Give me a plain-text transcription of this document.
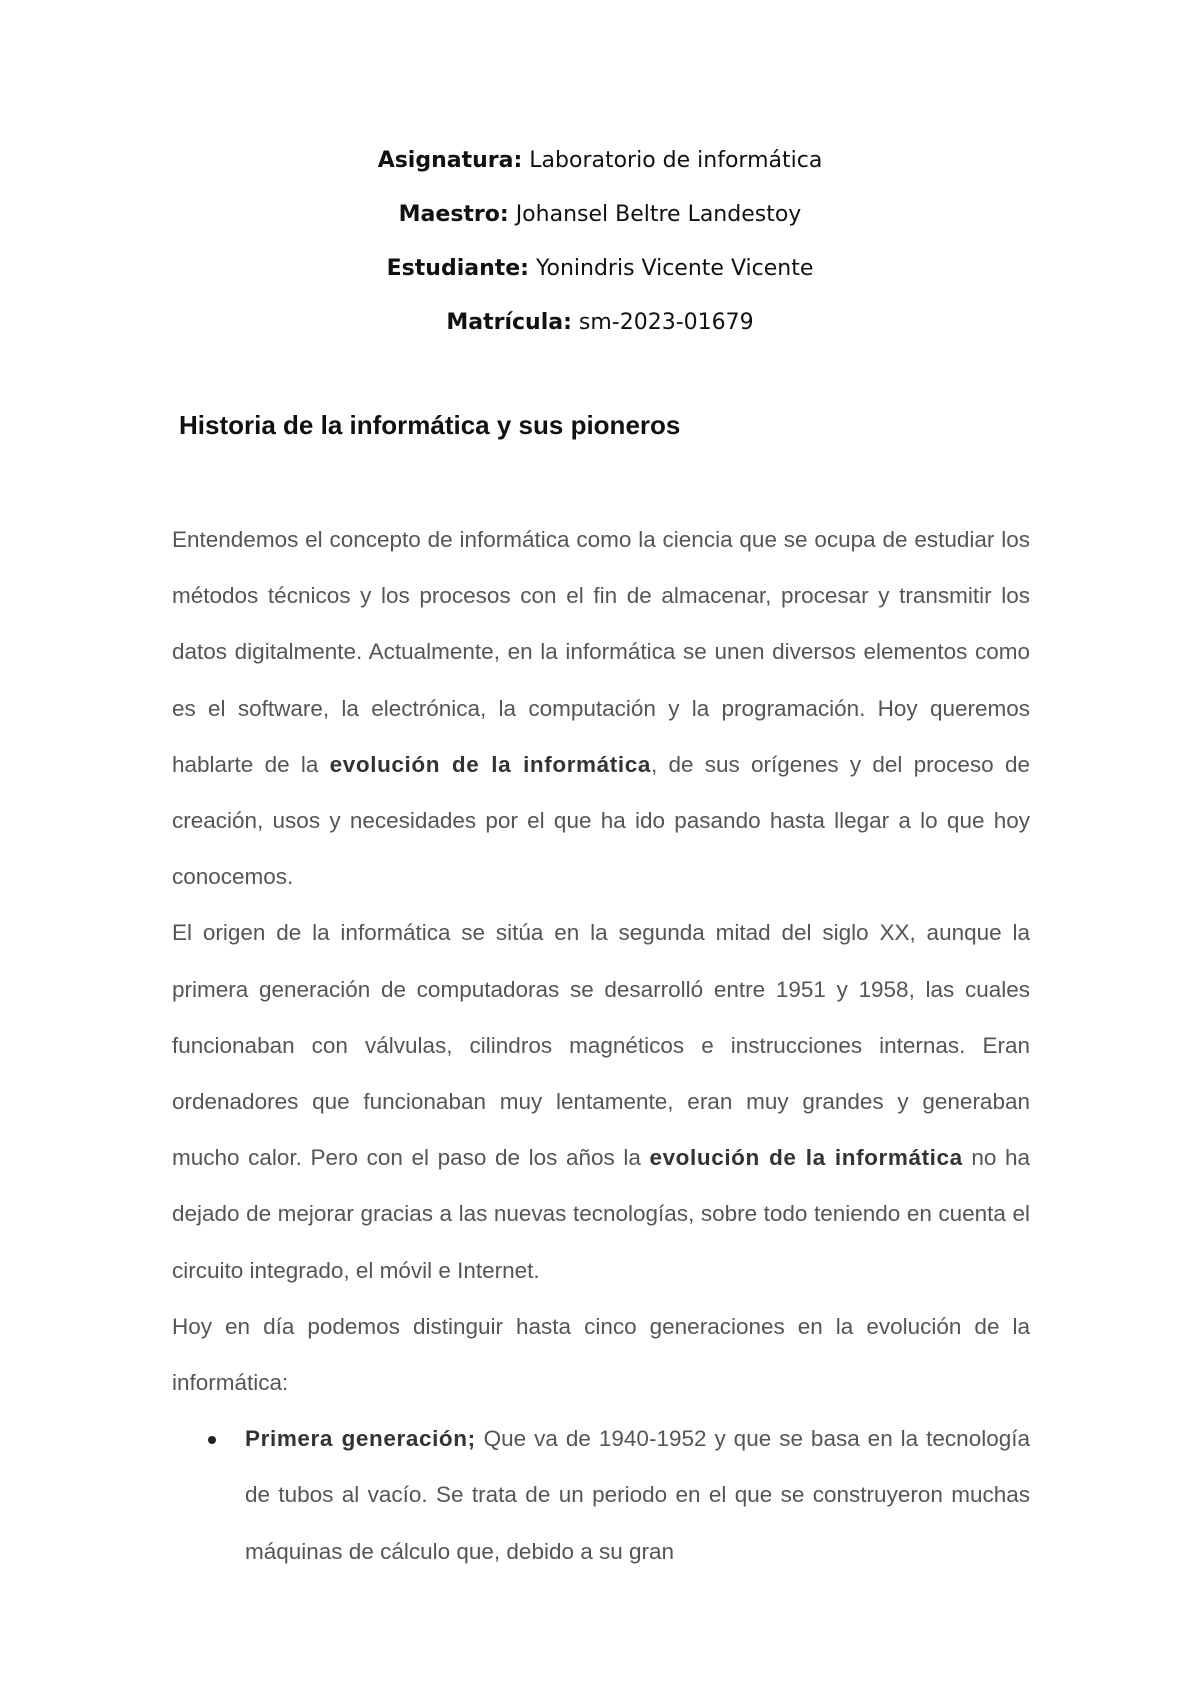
Asignatura: Laboratorio de informática
Maestro: Johansel Beltre Landestoy
Estudiante: Yonindris Vicente Vicente
Matrícula: sm-2023-01679
Historia de la informática y sus pioneros

Entendemos el concepto de informática como la ciencia que se ocupa de estudiar los métodos técnicos y los procesos con el fin de almacenar, procesar y transmitir los datos digitalmente. Actualmente, en la informática se unen diversos elementos como es el software, la electrónica, la computación y la programación. Hoy queremos hablarte de la evolución de la informática, de sus orígenes y del proceso de creación, usos y necesidades por el que ha ido pasando hasta llegar a lo que hoy conocemos.

El origen de la informática se sitúa en la segunda mitad del siglo XX, aunque la primera generación de computadoras se desarrolló entre 1951 y 1958, las cuales funcionaban con válvulas, cilindros magnéticos e instrucciones internas. Eran ordenadores que funcionaban muy lentamente, eran muy grandes y generaban mucho calor. Pero con el paso de los años la evolución de la informática no ha dejado de mejorar gracias a las nuevas tecnologías, sobre todo teniendo en cuenta el circuito integrado, el móvil e Internet.

Hoy en día podemos distinguir hasta cinco generaciones en la evolución de la informática:

Primera generación; Que va de 1940-1952 y que se basa en la tecnología de tubos al vacío. Se trata de un periodo en el que se construyeron muchas máquinas de cálculo que, debido a su gran
